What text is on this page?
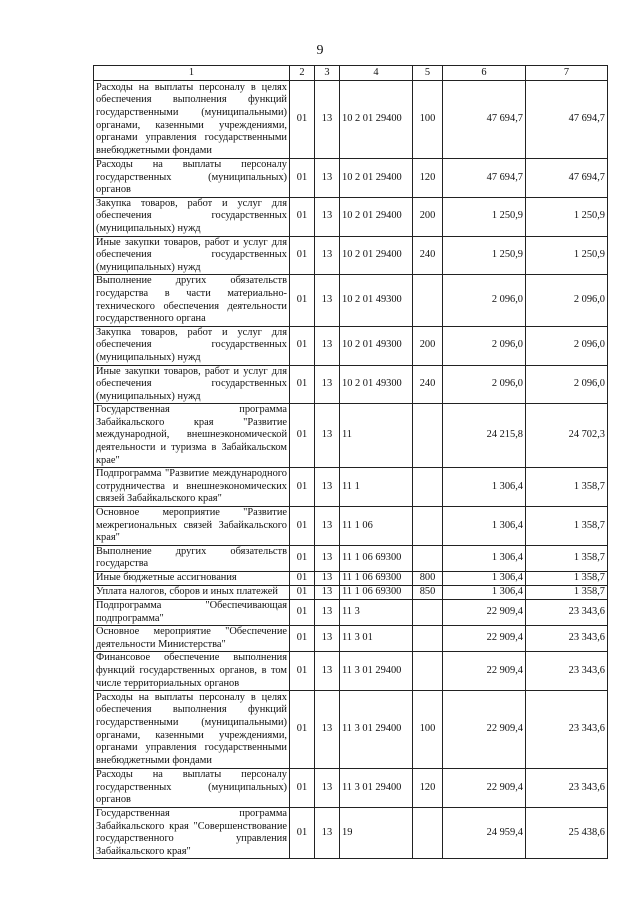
9
1	2	3	4	5	6	7
Расходы на выплаты персоналу в целях обеспечения выполнения функций государственными (муниципальными) органами, казенными учреждениями, органами управления государственными внебюджетными фондами	01	13	10 2 01 29400	100	47 694,7	47 694,7
Расходы на выплаты персоналу государственных (муниципальных) органов	01	13	10 2 01 29400	120	47 694,7	47 694,7
Закупка товаров, работ и услуг для обеспечения государственных (муниципальных) нужд	01	13	10 2 01 29400	200	1 250,9	1 250,9
Иные закупки товаров, работ и услуг для обеспечения государственных (муниципальных) нужд	01	13	10 2 01 29400	240	1 250,9	1 250,9
Выполнение других обязательств государства в части материально-технического обеспечения деятельности государственного органа	01	13	10 2 01 49300		2 096,0	2 096,0
Закупка товаров, работ и услуг для обеспечения государственных (муниципальных) нужд	01	13	10 2 01 49300	200	2 096,0	2 096,0
Иные закупки товаров, работ и услуг для обеспечения государственных (муниципальных) нужд	01	13	10 2 01 49300	240	2 096,0	2 096,0
Государственная программа Забайкальского края "Развитие международной, внешнеэкономической деятельности и туризма в Забайкальском крае"	01	13	11		24 215,8	24 702,3
Подпрограмма "Развитие международного сотрудничества и внешнеэкономических связей Забайкальского края"	01	13	11 1		1 306,4	1 358,7
Основное мероприятие "Развитие межрегиональных связей Забайкальского края"	01	13	11 1 06		1 306,4	1 358,7
Выполнение других обязательств государства	01	13	11 1 06 69300		1 306,4	1 358,7
Иные бюджетные ассигнования	01	13	11 1 06 69300	800	1 306,4	1 358,7
Уплата налогов, сборов и иных платежей	01	13	11 1 06 69300	850	1 306,4	1 358,7
Подпрограмма "Обеспечивающая подпрограмма"	01	13	11 3		22 909,4	23 343,6
Основное мероприятие "Обеспечение деятельности Министерства"	01	13	11 3 01		22 909,4	23 343,6
Финансовое обеспечение выполнения функций государственных органов, в том числе территориальных органов	01	13	11 3 01 29400		22 909,4	23 343,6
Расходы на выплаты персоналу в целях обеспечения выполнения функций государственными (муниципальными) органами, казенными учреждениями, органами управления государственными внебюджетными фондами	01	13	11 3 01 29400	100	22 909,4	23 343,6
Расходы на выплаты персоналу государственных (муниципальных) органов	01	13	11 3 01 29400	120	22 909,4	23 343,6
Государственная программа Забайкальского края "Совершенствование государственного управления Забайкальского края"	01	13	19		24 959,4	25 438,6
